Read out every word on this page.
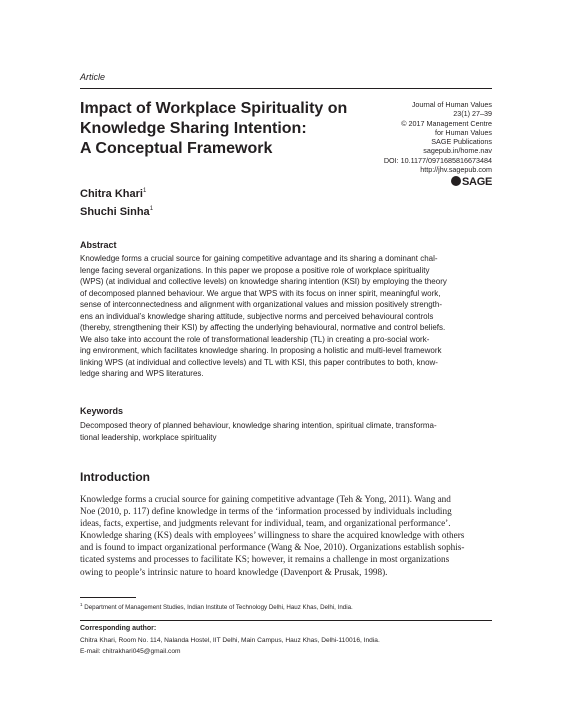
Article
Impact of Workplace Spirituality on
Knowledge Sharing Intention:
A Conceptual Framework
Journal of Human Values
23(1) 27–39
© 2017 Management Centre
for Human Values
SAGE Publications
sagepub.in/home.nav
DOI: 10.1177/0971685816673484
http://jhv.sagepub.com
SAGE
Chitra Khari$^1$
Shuchi Sinha$^1$
Abstract
Knowledge forms a crucial source for gaining competitive advantage and its sharing a dominant chal-
lenge facing several organizations. In this paper we propose a positive role of workplace spirituality
(WPS) (at individual and collective levels) on knowledge sharing intention (KSI) by employing the theory
of decomposed planned behaviour. We argue that WPS with its focus on inner spirit, meaningful work,
sense of interconnectedness and alignment with organizational values and mission positively strength-
ens an individual’s knowledge sharing attitude, subjective norms and perceived behavioural controls
(thereby, strengthening their KSI) by affecting the underlying behavioural, normative and control beliefs.
We also take into account the role of transformational leadership (TL) in creating a pro-social work-
ing environment, which facilitates knowledge sharing. In proposing a holistic and multi-level framework
linking WPS (at individual and collective levels) and TL with KSI, this paper contributes to both, know-
ledge sharing and WPS literatures.
Keywords
Decomposed theory of planned behaviour, knowledge sharing intention, spiritual climate, transforma-
tional leadership, workplace spirituality
Introduction
Knowledge forms a crucial source for gaining competitive advantage (Teh & Yong, 2011). Wang and
Noe (2010, p. 117) define knowledge in terms of the ‘information processed by individuals including
ideas, facts, expertise, and judgments relevant for individual, team, and organizational performance’.
Knowledge sharing (KS) deals with employees’ willingness to share the acquired knowledge with others
and is found to impact organizational performance (Wang & Noe, 2010). Organizations establish sophis-
ticated systems and processes to facilitate KS; however, it remains a challenge in most organizations
owing to people’s intrinsic nature to hoard knowledge (Davenport & Prusak, 1998).
$^1$ Department of Management Studies, Indian Institute of Technology Delhi, Hauz Khas, Delhi, India.
Corresponding author:
Chitra Khari, Room No. 114, Nalanda Hostel, IIT Delhi, Main Campus, Hauz Khas, Delhi-110016, India.
E-mail: chitrakhari045@gmail.com
